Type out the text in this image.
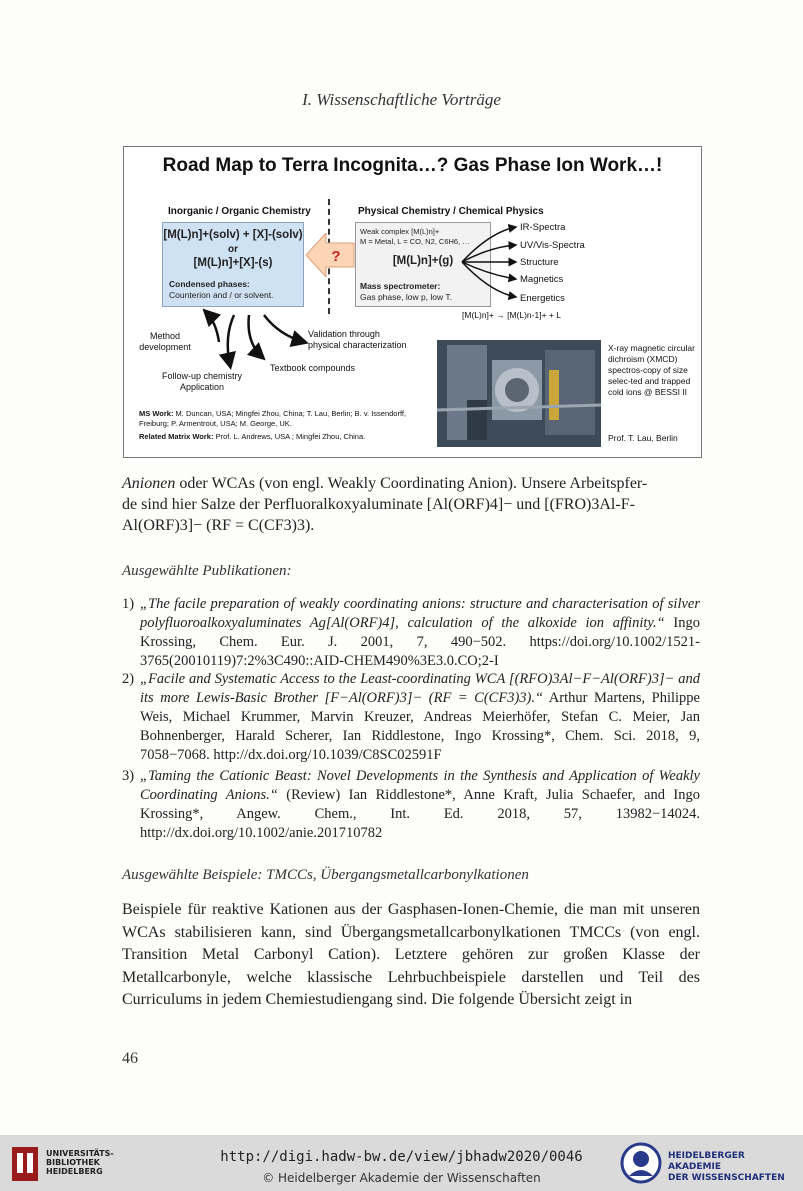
I. Wissenschaftliche Vorträge
Road Map to Terra Incognita…? Gas Phase Ion Work…!
Inorganic / Organic Chemistry	Physical Chemistry / Chemical Physics
[M(L)n]+(solv) + [X]-(solv)
or
[M(L)n]+[X]-(s)
Condensed phases:
Counterion and / or solvent.
?
Weak complex [M(L)n]+
M = Metal, L = CO, N2, C6H6, …
[M(L)n]+(g)
Mass spectrometer:
Gas phase, low p, low T.
IR-Spectra
UV/Vis-Spectra
Structure
Magnetics
Energetics
[M(L)n]+ → [M(L)n-1]+ + L
Method
development
Follow-up chemistry
Application
Textbook compounds
Validation through
physical characterization
MS Work: M. Duncan, USA; Mingfei Zhou, China; T. Lau, Berlin; B. v. Issendorff, Freiburg; P. Armentrout, USA; M. George, UK.
Related Matrix Work: Prof. L. Andrews, USA ; Mingfei Zhou, China.
X-ray magnetic circular dichroism (XMCD) spectros-copy of size selec-ted and trapped cold ions @ BESSI II
Prof. T. Lau, Berlin
Anionen oder WCAs (von engl. Weakly Coordinating Anion). Unsere Arbeitspfer-
de sind hier Salze der Perfluoralkoxyaluminate [Al(ORF)4]− und [(FRO)3Al-F-
Al(ORF)3]− (RF = C(CF3)3).
Ausgewählte Publikationen:
1) „The facile preparation of weakly coordinating anions: structure and characterisation of silver polyfluoroalkoxyaluminates Ag[Al(ORF)4], calculation of the alkoxide ion affinity.“ Ingo Krossing, Chem. Eur. J. 2001, 7, 490−502. https://doi.org/10.1002/1521-3765(20010119)7:2%3C490::AID-CHEM490%3E3.0.CO;2-I
2) „Facile and Systematic Access to the Least-coordinating WCA [(RFO)3Al−F−Al(ORF)3]− and its more Lewis-Basic Brother [F−Al(ORF)3]− (RF = C(CF3)3).“ Arthur Martens, Philippe Weis, Michael Krummer, Marvin Kreuzer, Andreas Meierhöfer, Stefan C. Meier, Jan Bohnenberger, Harald Scherer, Ian Riddlestone, Ingo Krossing*, Chem. Sci. 2018, 9, 7058−7068. http://dx.doi.org/10.1039/C8SC02591F
3) „Taming the Cationic Beast: Novel Developments in the Synthesis and Application of Weakly Coordinating Anions.“ (Review) Ian Riddlestone*, Anne Kraft, Julia Schaefer, and Ingo Krossing*, Angew. Chem., Int. Ed. 2018, 57, 13982−14024. http://dx.doi.org/10.1002/anie.201710782
Ausgewählte Beispiele: TMCCs, Übergangsmetallcarbonylkationen
Beispiele für reaktive Kationen aus der Gasphasen-Ionen-Chemie, die man mit unseren WCAs stabilisieren kann, sind Übergangsmetallcarbonylkationen TMCCs (von engl. Transition Metal Carbonyl Cation). Letztere gehören zur großen Klasse der Metallcarbonyle, welche klassische Lehrbuchbeispiele darstellen und Teil des Curriculums in jedem Chemiestudiengang sind. Die folgende Übersicht zeigt in
46
UNIVERSITÄTS-
BIBLIOTHEK
HEIDELBERG
http://digi.hadw-bw.de/view/jbhadw2020/0046
© Heidelberger Akademie der Wissenschaften
HEIDELBERGER AKADEMIE
DER WISSENSCHAFTEN
